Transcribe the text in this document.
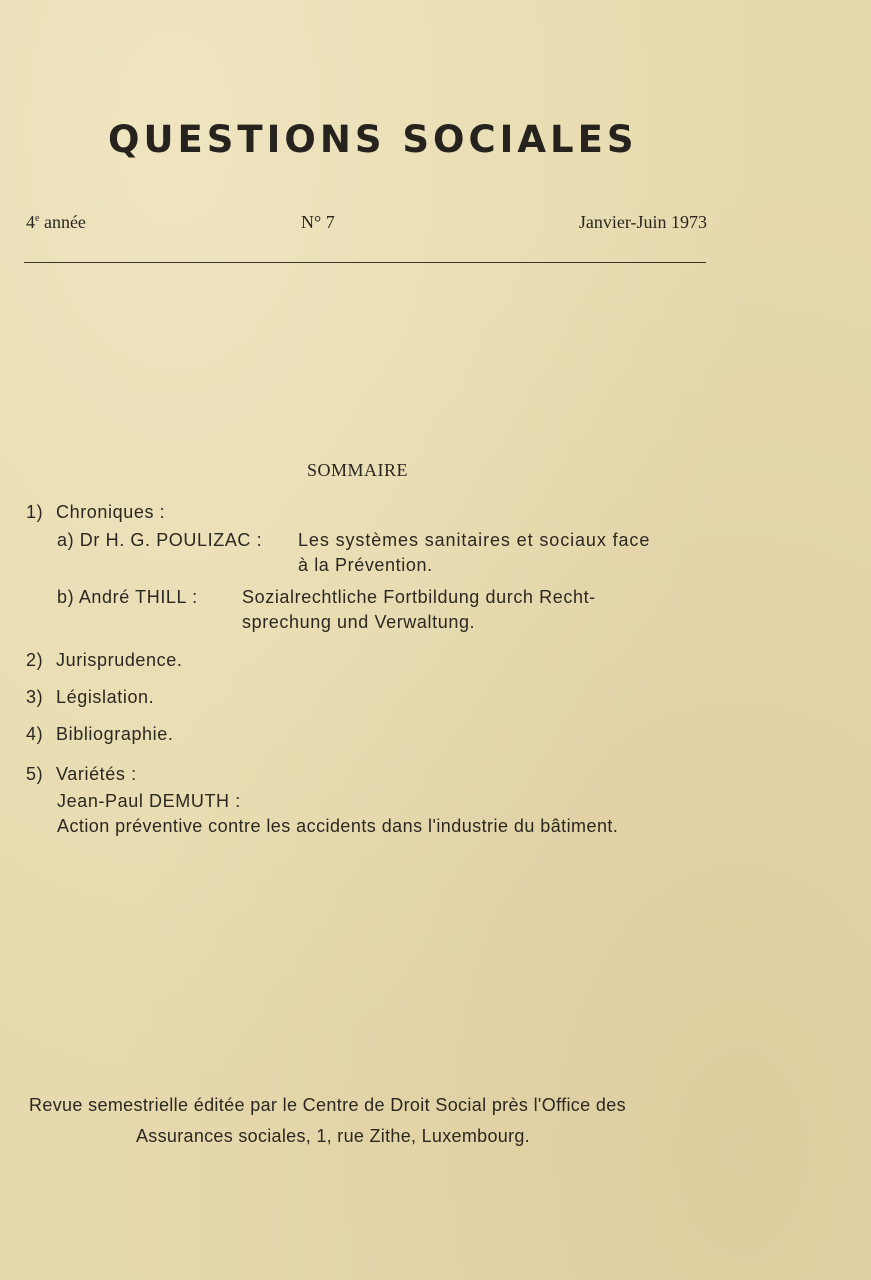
QUESTIONS SOCIALES
4e année	N° 7	Janvier-Juin 1973
SOMMAIRE
1) Chroniques :
a) Dr H. G. POULIZAC : Les systèmes sanitaires et sociaux face
à la Prévention.
b) André THILL : Sozialrechtliche Fortbildung durch Recht-
sprechung und Verwaltung.
2) Jurisprudence.
3) Législation.
4) Bibliographie.
5) Variétés :
Jean-Paul DEMUTH :
Action préventive contre les accidents dans l'industrie du bâtiment.
Revue semestrielle éditée par le Centre de Droit Social près l'Office des
Assurances sociales, 1, rue Zithe, Luxembourg.
